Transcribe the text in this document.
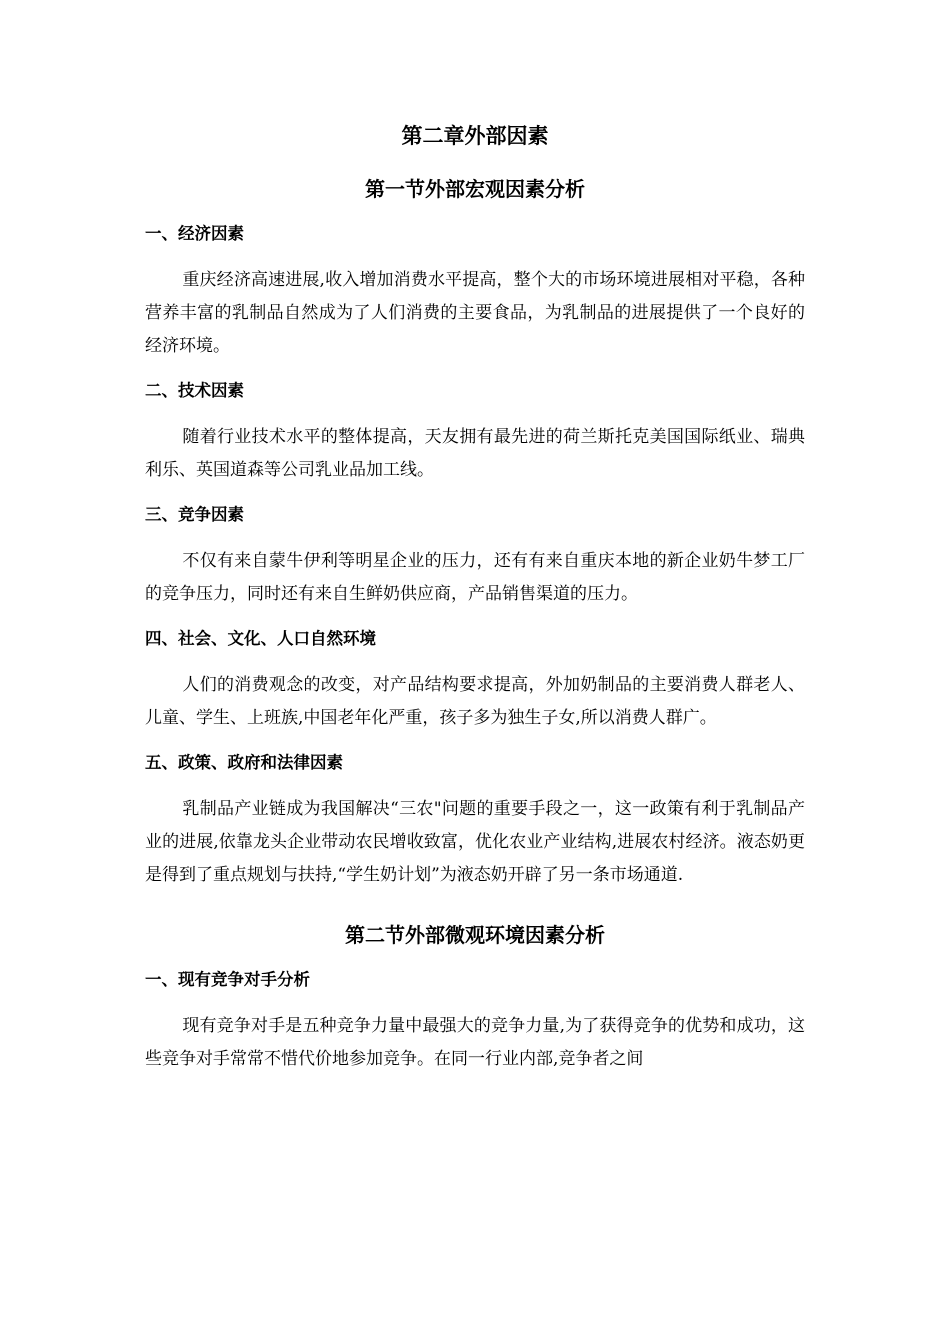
第二章外部因素
第一节外部宏观因素分析
一、经济因素
重庆经济高速进展,收入增加消费水平提高，整个大的市场环境进展相对平稳，各种营养丰富的乳制品自然成为了人们消费的主要食品，为乳制品的进展提供了一个良好的经济环境。
二、技术因素
随着行业技术水平的整体提高，天友拥有最先进的荷兰斯托克美国国际纸业、瑞典利乐、英国道森等公司乳业品加工线。
三、竞争因素
不仅有来自蒙牛伊利等明星企业的压力，还有有来自重庆本地的新企业奶牛梦工厂的竞争压力，同时还有来自生鲜奶供应商，产品销售渠道的压力。
四、社会、文化、人口自然环境
人们的消费观念的改变，对产品结构要求提高，外加奶制品的主要消费人群老人、儿童、学生、上班族,中国老年化严重，孩子多为独生子女,所以消费人群广。
五、政策、政府和法律因素
乳制品产业链成为我国解决“三农"问题的重要手段之一，这一政策有利于乳制品产业的进展,依靠龙头企业带动农民增收致富，优化农业产业结构,进展农村经济。液态奶更是得到了重点规划与扶持,“学生奶计划”为液态奶开辟了另一条市场通道.
第二节外部微观环境因素分析
一、现有竞争对手分析
现有竞争对手是五种竞争力量中最强大的竞争力量,为了获得竞争的优势和成功，这些竞争对手常常不惜代价地参加竞争。在同一行业内部,竞争者之间
